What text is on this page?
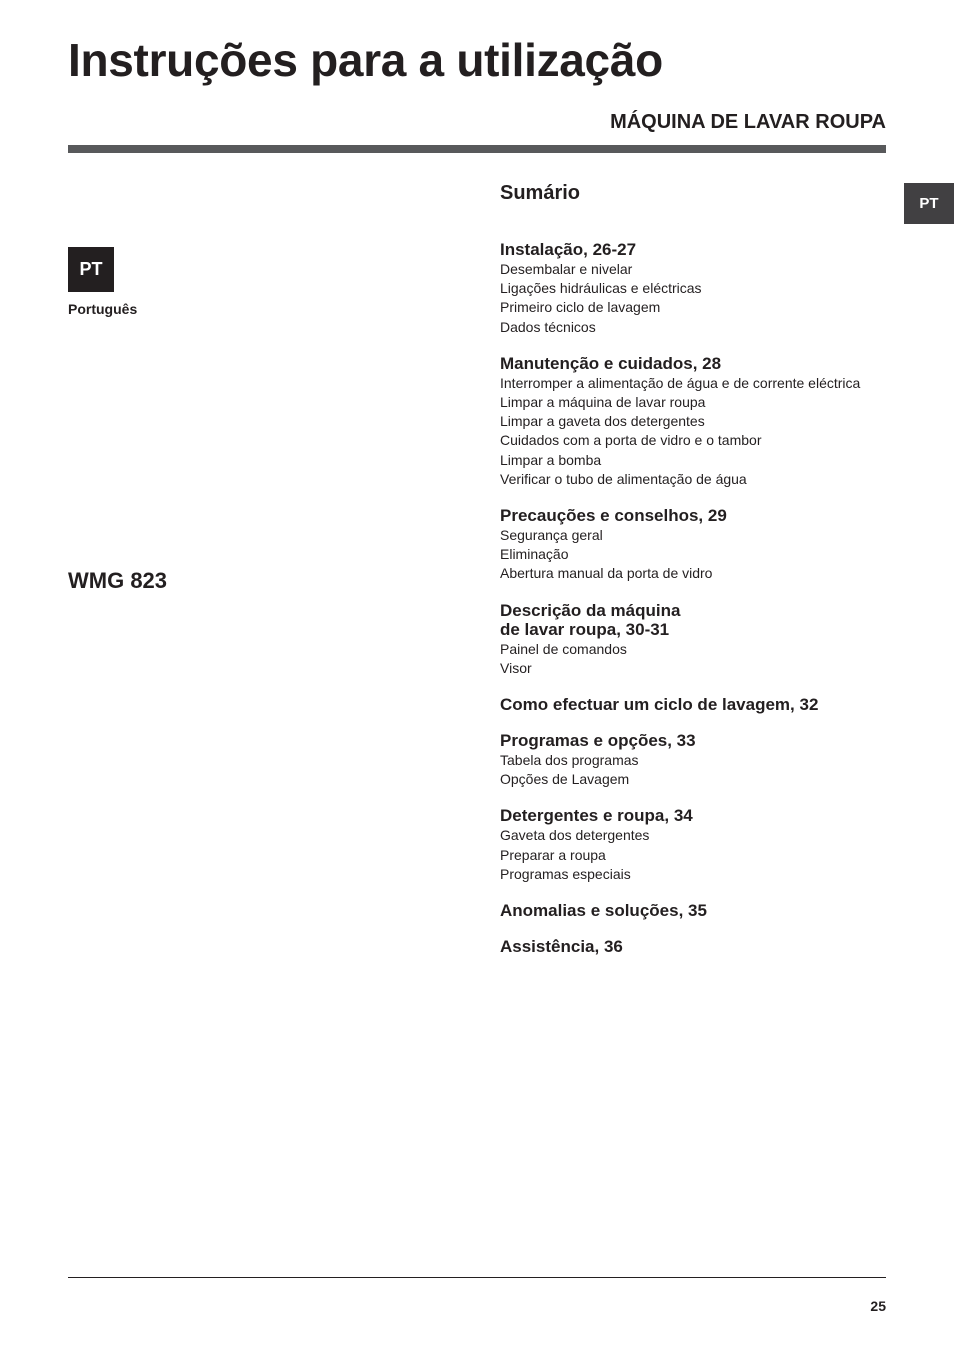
Instruções para a utilização
MÁQUINA DE LAVAR ROUPA
PT
PT
Português
WMG 823
Sumário
Instalação, 26-27
Desembalar e nivelar
Ligações hidráulicas e eléctricas
Primeiro ciclo de lavagem
Dados técnicos
Manutenção e cuidados, 28
Interromper a alimentação de água e de corrente eléctrica
Limpar a máquina de lavar roupa
Limpar a gaveta dos detergentes
Cuidados com a porta de vidro e o tambor
Limpar a bomba
Verificar o tubo de alimentação de água
Precauções e conselhos, 29
Segurança geral
Eliminação
Abertura manual da porta de vidro
Descrição da máquina
de lavar roupa, 30-31
Painel de comandos
Visor
Como efectuar um ciclo de lavagem, 32
Programas e opções, 33
Tabela dos programas
Opções de Lavagem
Detergentes e roupa, 34
Gaveta dos detergentes
Preparar a roupa
Programas especiais
Anomalias e soluções, 35
Assistência, 36
25
